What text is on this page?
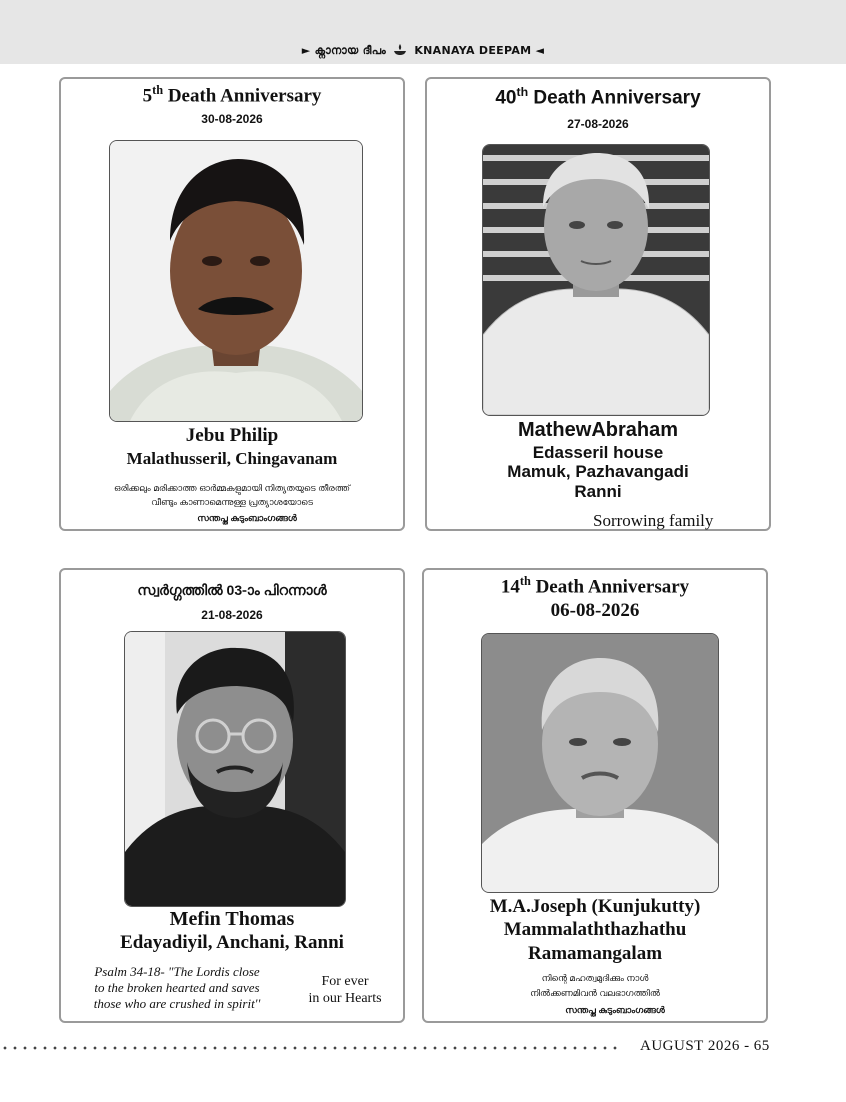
► ക്നാനായ ദീപം	KNANAYA DEEPAM ◄
5th Death Anniversary
30-08-2026
Jebu Philip
Malathusseril, Chingavanam
ഒരിക്കലും മരിക്കാത്ത ഓർമ്മകളുമായി നിത്യതയുടെ തീരത്ത്
വീണ്ടും കാണാമെന്നുള്ള പ്രത്യാശയോടെ
സന്തപ്ത കുടുംബാംഗങ്ങൾ
40th Death Anniversary
27-08-2026
MathewAbraham
Edasseril house
Mamuk, Pazhavangadi
Ranni
Sorrowing family
സ്വർഗ്ഗത്തിൽ 03-ാം പിറന്നാൾ
21-08-2026
Mefin Thomas
Edayadiyil, Anchani, Ranni
Psalm 34-18- "The Lordis close
to the broken hearted and saves
those who are crushed in spirit''
For ever
in our Hearts
14th Death Anniversary
06-08-2026
M.A.Joseph (Kunjukutty)
Mammalaththazhathu
Ramamangalam
നിന്റെ മഹത്വമുദിക്കും നാൾ
നിൽക്കണമിവൻ വലഭാഗത്തിൽ
സന്തപ്ത കുടുംബാംഗങ്ങൾ
AUGUST 2026 - 65
